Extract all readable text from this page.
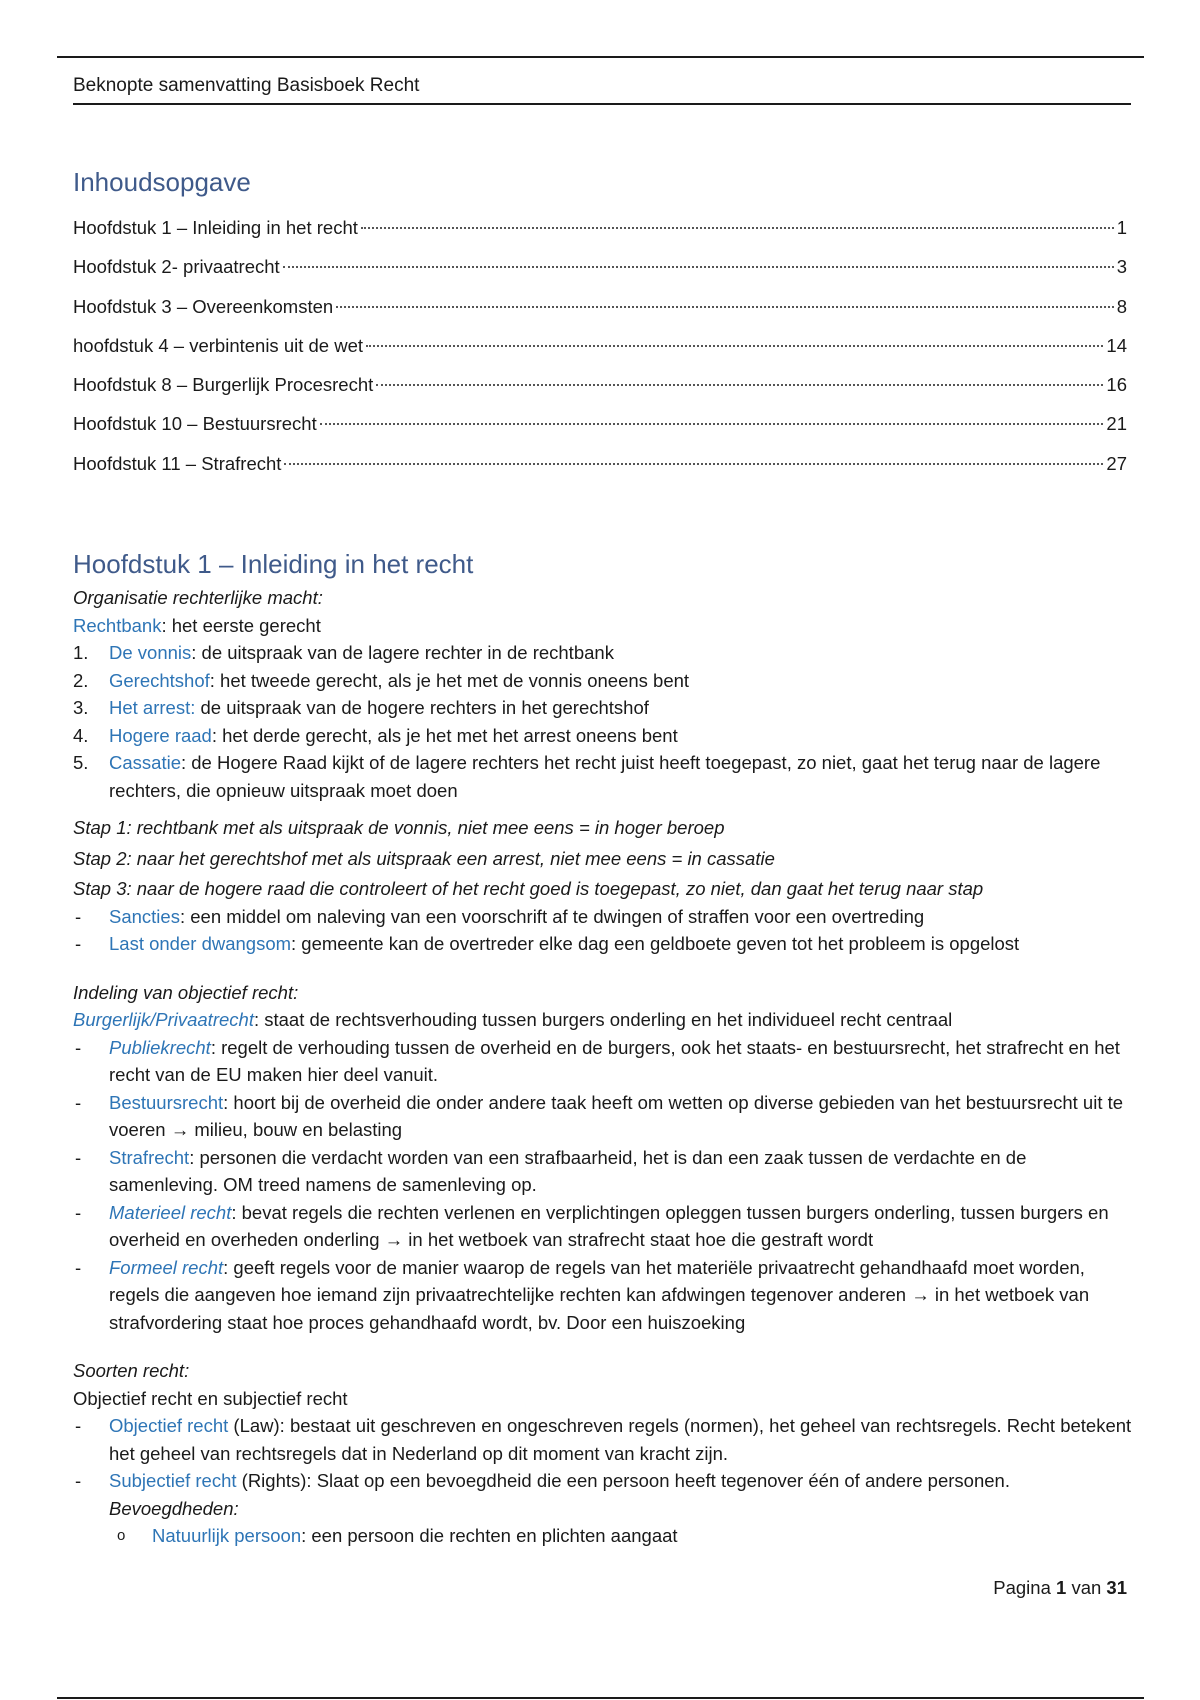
Beknopte samenvatting Basisboek Recht
Inhoudsopgave
Hoofdstuk 1 – Inleiding in het recht	1
Hoofdstuk 2- privaatrecht	3
Hoofdstuk 3 – Overeenkomsten	8
hoofdstuk 4 – verbintenis uit de wet	14
Hoofdstuk 8 – Burgerlijk Procesrecht	16
Hoofdstuk 10 – Bestuursrecht	21
Hoofdstuk 11 – Strafrecht	27
Hoofdstuk 1 – Inleiding in het recht

Organisatie rechterlijke macht:

Rechtbank: het eerste gerecht

1. De vonnis: de uitspraak van de lagere rechter in de rechtbank
2. Gerechtshof: het tweede gerecht, als je het met de vonnis oneens bent
3. Het arrest: de uitspraak van de hogere rechters in het gerechtshof
4. Hogere raad: het derde gerecht, als je het met het arrest oneens bent
5. Cassatie: de Hogere Raad kijkt of de lagere rechters het recht juist heeft toegepast, zo niet, gaat het terug naar de lagere rechters, die opnieuw uitspraak moet doen

Stap 1: rechtbank met als uitspraak de vonnis, niet mee eens = in hoger beroep

Stap 2: naar het gerechtshof met als uitspraak een arrest, niet mee eens = in cassatie

Stap 3: naar de hogere raad die controleert of het recht goed is toegepast, zo niet, dan gaat het terug naar stap

- Sancties: een middel om naleving van een voorschrift af te dwingen of straffen voor een overtreding
- Last onder dwangsom: gemeente kan de overtreder elke dag een geldboete geven tot het probleem is opgelost

Indeling van objectief recht:

Burgerlijk/Privaatrecht: staat de rechtsverhouding tussen burgers onderling en het individueel recht centraal

- Publiekrecht: regelt de verhouding tussen de overheid en de burgers, ook het staats- en bestuursrecht, het strafrecht en het recht van de EU maken hier deel vanuit.
- Bestuursrecht: hoort bij de overheid die onder andere taak heeft om wetten op diverse gebieden van het bestuursrecht uit te voeren → milieu, bouw en belasting
- Strafrecht: personen die verdacht worden van een strafbaarheid, het is dan een zaak tussen de verdachte en de samenleving. OM treed namens de samenleving op.
- Materieel recht: bevat regels die rechten verlenen en verplichtingen opleggen tussen burgers onderling, tussen burgers en overheid en overheden onderling → in het wetboek van strafrecht staat hoe die gestraft wordt
- Formeel recht: geeft regels voor de manier waarop de regels van het materiële privaatrecht gehandhaafd moet worden, regels die aangeven hoe iemand zijn privaatrechtelijke rechten kan afdwingen tegenover anderen → in het wetboek van strafvordering staat hoe proces gehandhaafd wordt, bv. Door een huiszoeking

Soorten recht:

Objectief recht en subjectief recht

- Objectief recht (Law): bestaat uit geschreven en ongeschreven regels (normen), het geheel van rechtsregels. Recht betekent het geheel van rechtsregels dat in Nederland op dit moment van kracht zijn.
- Subjectief recht (Rights): Slaat op een bevoegdheid die een persoon heeft tegenover één of andere personen.

Bevoegdheden:

o Natuurlijk persoon: een persoon die rechten en plichten aangaat
Pagina 1 van 31
